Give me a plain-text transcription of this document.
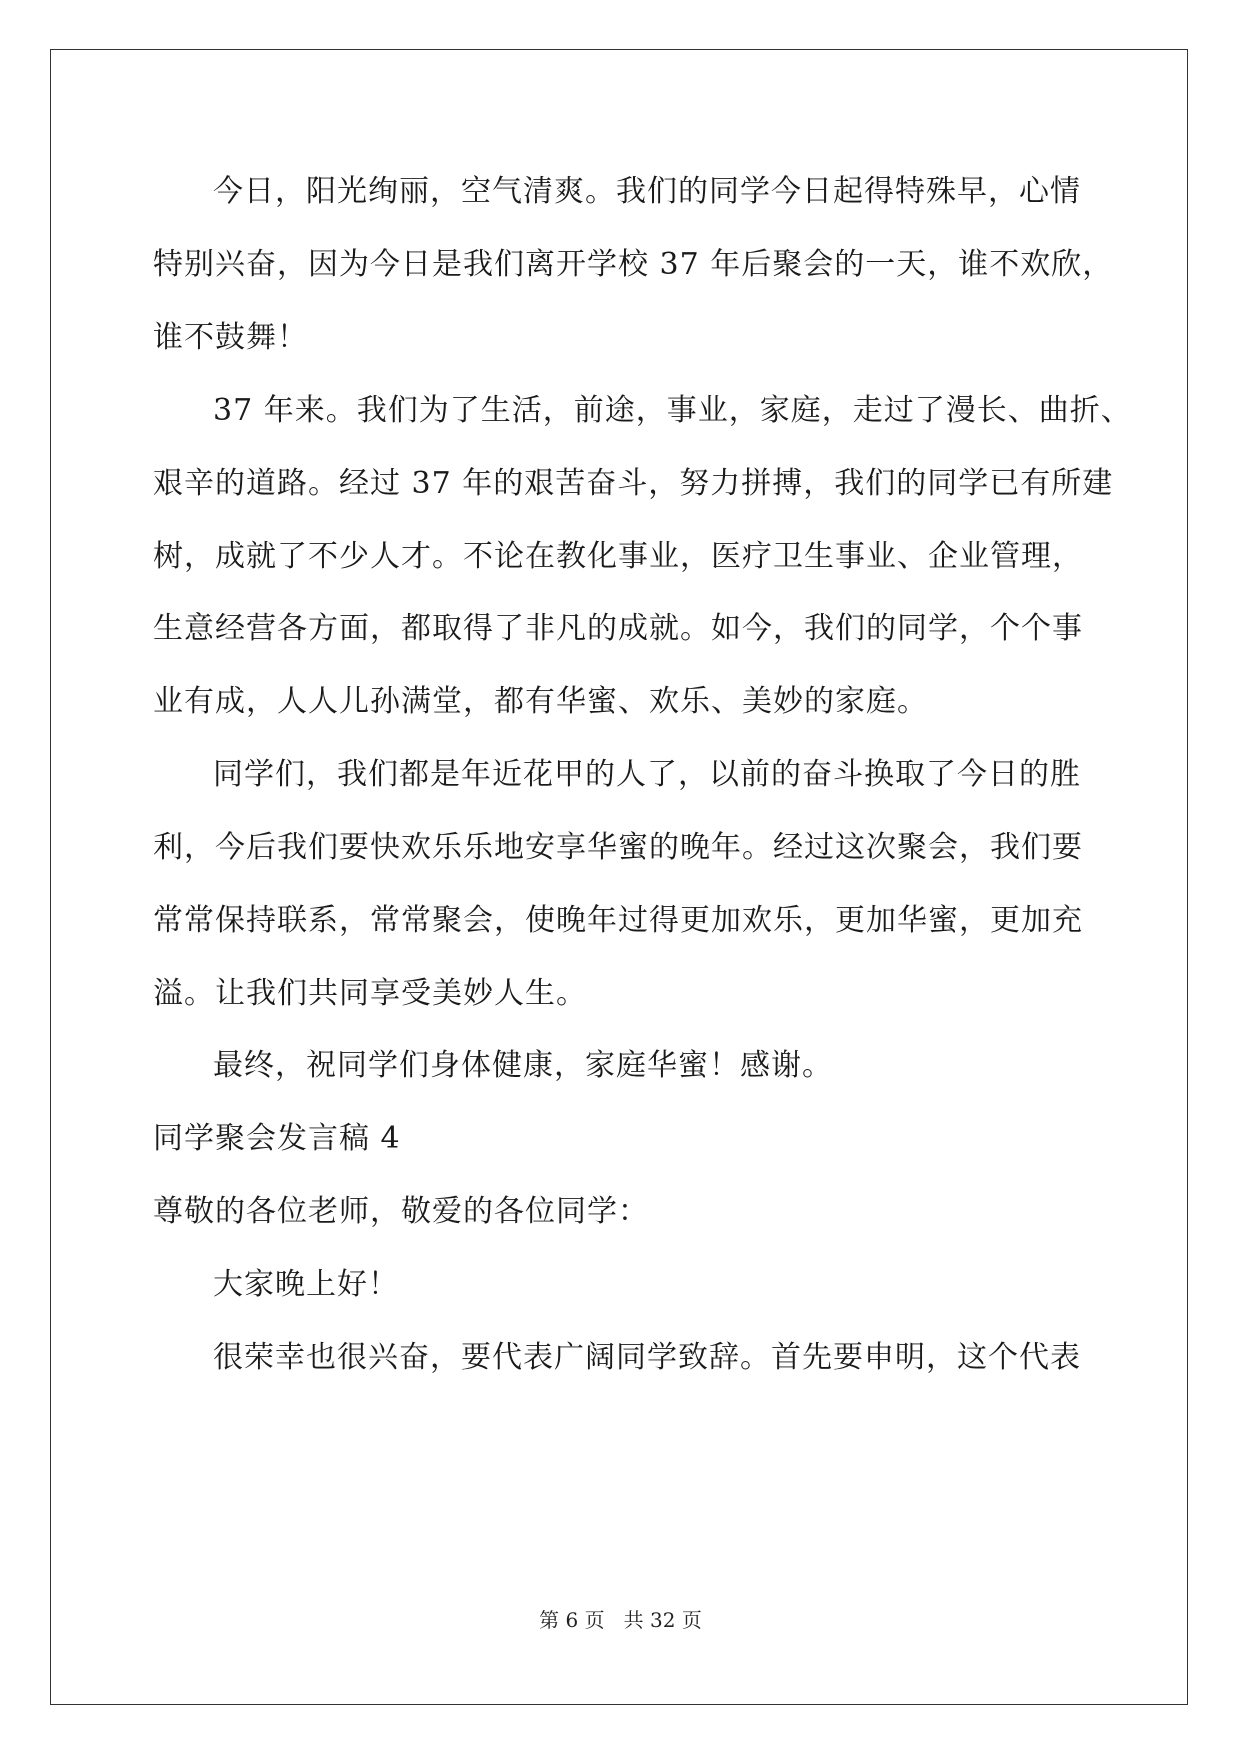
今日，阳光绚丽，空气清爽。我们的同学今日起得特殊早，心情
特别兴奋，因为今日是我们离开学校 37 年后聚会的一天，谁不欢欣，
谁不鼓舞！
37 年来。我们为了生活，前途，事业，家庭，走过了漫长、曲折、
艰辛的道路。经过 37 年的艰苦奋斗，努力拼搏，我们的同学已有所建
树，成就了不少人才。不论在教化事业，医疗卫生事业、企业管理，
生意经营各方面，都取得了非凡的成就。如今，我们的同学，个个事
业有成，人人儿孙满堂，都有华蜜、欢乐、美妙的家庭。
同学们，我们都是年近花甲的人了，以前的奋斗换取了今日的胜
利，今后我们要快欢乐乐地安享华蜜的晚年。经过这次聚会，我们要
常常保持联系，常常聚会，使晚年过得更加欢乐，更加华蜜，更加充
溢。让我们共同享受美妙人生。
最终，祝同学们身体健康，家庭华蜜！感谢。
同学聚会发言稿 4
尊敬的各位老师，敬爱的各位同学：
大家晚上好！
很荣幸也很兴奋，要代表广阔同学致辞。首先要申明，这个代表
第 6 页   共 32 页
